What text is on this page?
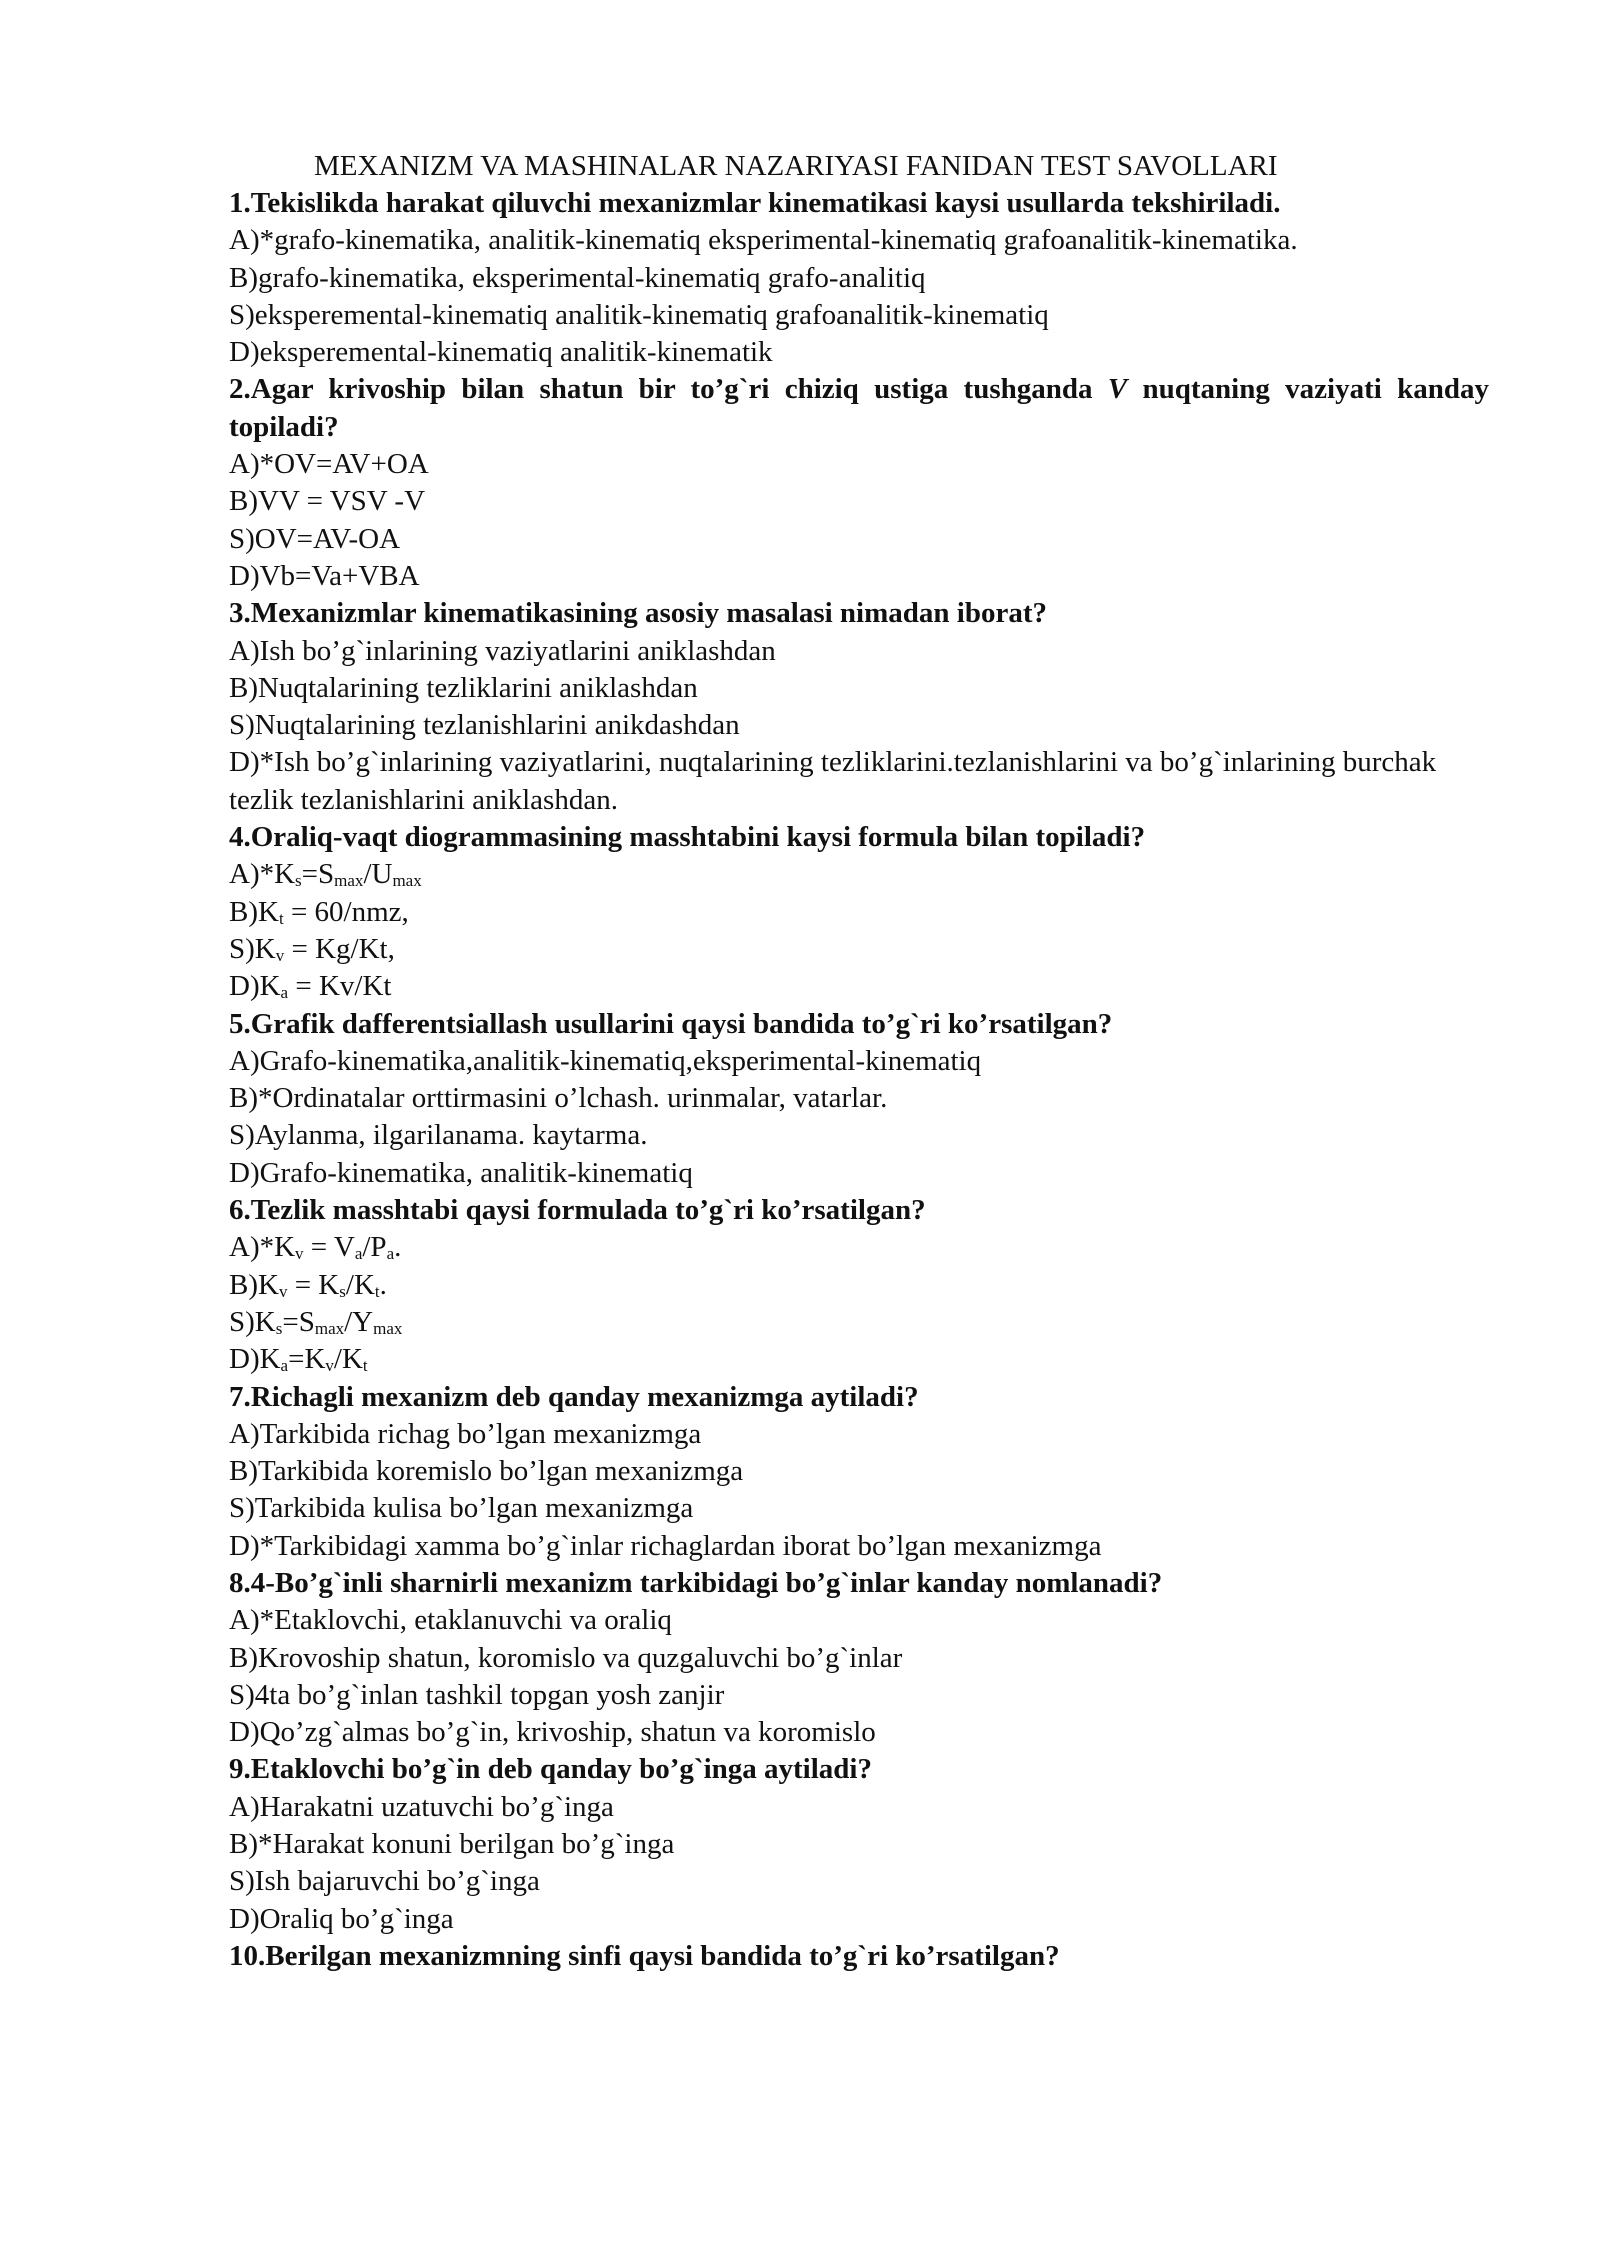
MEXANIZM VA MASHINALAR NAZARIYASI FANIDAN TEST SAVOLLARI

1.Tekislikda harakat qiluvchi mexanizmlar kinematikasi kaysi usullarda tekshiriladi.

A)*grafo-kinematika, analitik-kinematiq eksperimental-kinematiq grafoanalitik-kinematika.
B)grafo-kinematika, eksperimental-kinematiq grafo-analitiq
S)eksperemental-kinematiq analitik-kinematiq grafoanalitik-kinematiq
D)eksperemental-kinematiq analitik-kinematik

2.Agar krivoship bilan shatun bir to’g`ri chiziq ustiga tushganda V nuqtaning vaziyati kanday topiladi?

A)*OV=AV+OA
B)VV = VSV -V
S)OV=AV-OA
D)Vb=Va+VBA

3.Mexanizmlar kinematikasining asosiy masalasi nimadan iborat?

A)Ish bo’g`inlarining vaziyatlarini aniklashdan
B)Nuqtalarining tezliklarini aniklashdan
S)Nuqtalarining tezlanishlarini anikdashdan
D)*Ish bo’g`inlarining vaziyatlarini, nuqtalarining tezliklarini.tezlanishlarini va bo’g`inlarining burchak tezlik tezlanishlarini aniklashdan.

4.Oraliq-vaqt diogrammasining masshtabini kaysi formula bilan topiladi?

$A)*K_s=S_{max}/U_{max}$
$B)K_t = 60/nmz$,
$S)K_v = Kg/Kt$,
$D)K_a = Kv/Kt$

5.Grafik dafferentsiallash usullarini qaysi bandida to’g`ri ko’rsatilgan?

A)Grafo-kinematika,analitik-kinematiq,eksperimental-kinematiq
B)*Ordinatalar orttirmasini o’lchash. urinmalar, vatarlar.
S)Aylanma, ilgarilanama. kaytarma.
D)Grafo-kinematika, analitik-kinematiq

6.Tezlik masshtabi qaysi formulada to’g`ri ko’rsatilgan?

$A)*K_v = V_a/P_a$.
$B)K_v = K_s/K_t$.
$S)K_s=S_{max}/Y_{max}$
$D)K_a=K_v/K_t$

7.Richagli mexanizm deb qanday mexanizmga aytiladi?

A)Tarkibida richag bo’lgan mexanizmga
B)Tarkibida koremislo bo’lgan mexanizmga
S)Tarkibida kulisa bo’lgan mexanizmga
D)*Tarkibidagi xamma bo’g`inlar richaglardan iborat bo’lgan mexanizmga

8.4-Bo’g`inli sharnirli mexanizm tarkibidagi bo’g`inlar kanday nomlanadi?

A)*Etaklovchi, etaklanuvchi va oraliq
B)Krovoship shatun, koromislo va quzgaluvchi bo’g`inlar
S)4ta bo’g`inlan tashkil topgan yosh zanjir
D)Qo’zg`almas bo’g`in, krivoship, shatun va koromislo

9.Etaklovchi bo’g`in deb qanday bo’g`inga aytiladi?

A)Harakatni uzatuvchi bo’g`inga
B)*Harakat konuni berilgan bo’g`inga
S)Ish bajaruvchi bo’g`inga
D)Oraliq bo’g`inga

10.Berilgan mexanizmning sinfi qaysi bandida to’g`ri ko’rsatilgan?
